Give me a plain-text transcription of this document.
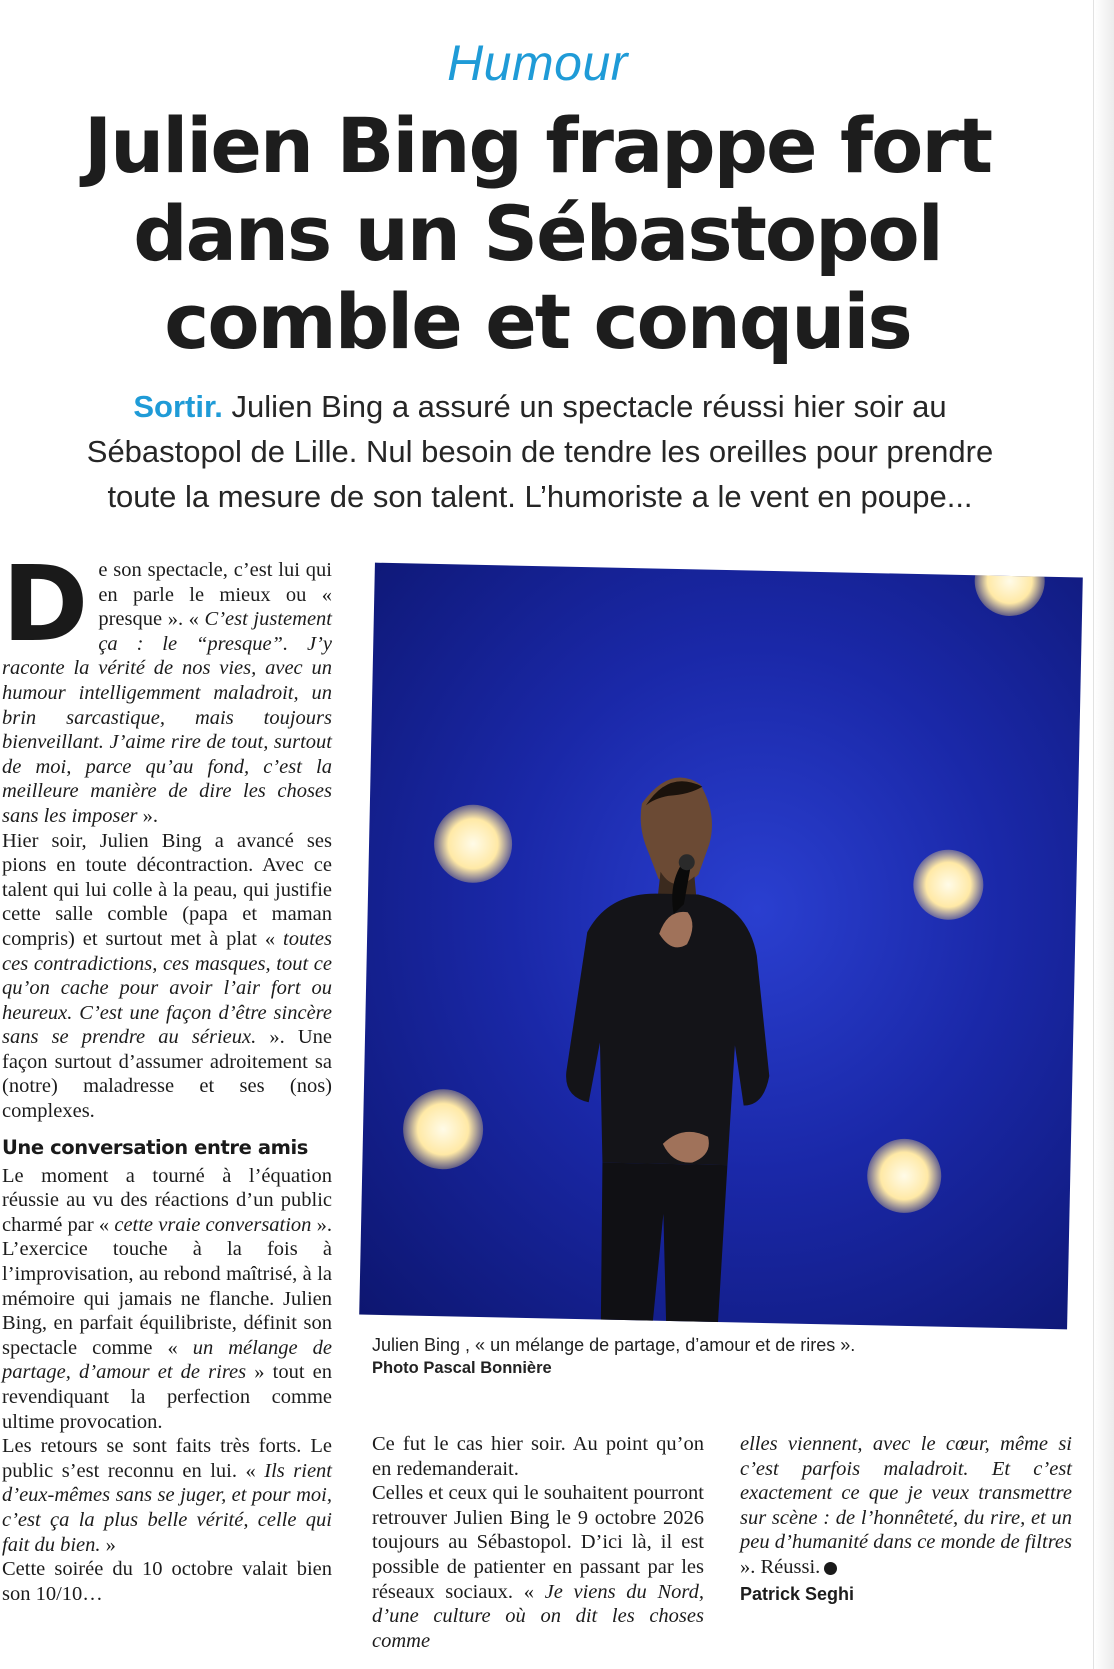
Humour
Julien Bing frappe fort
dans un Sébastopol
comble et conquis
Sortir. Julien Bing a assuré un spectacle réussi hier soir au
Sébastopol de Lille. Nul besoin de tendre les oreilles pour prendre
toute la mesure de son talent. L’humoriste a le vent en poupe...

De son spectacle, c’est lui qui en parle le mieux ou « presque ». « C’est justement ça : le “presque”. J’y raconte la vérité de nos vies, avec un humour intelligemment maladroit, un brin sarcastique, mais toujours bienveillant. J’aime rire de tout, surtout de moi, parce qu’au fond, c’est la meilleure manière de dire les choses sans les imposer ».

Hier soir, Julien Bing a avancé ses pions en toute décontraction. Avec ce talent qui lui colle à la peau, qui justifie cette salle comble (papa et maman compris) et surtout met à plat « toutes ces contradictions, ces masques, tout ce qu’on cache pour avoir l’air fort ou heureux. C’est une façon d’être sincère sans se prendre au sérieux. ». Une façon surtout d’assumer adroitement sa (notre) maladresse et ses (nos) complexes.

Une conversation entre amis

Le moment a tourné à l’équation réussie au vu des réactions d’un public charmé par « cette vraie conversation ». L’exercice touche à la fois à l’improvisation, au rebond maîtrisé, à la mémoire qui jamais ne flanche. Julien Bing, en parfait équilibriste, définit son spectacle comme « un mélange de partage, d’amour et de rires » tout en revendiquant la perfection comme ultime provocation.

Les retours se sont faits très forts. Le public s’est reconnu en lui. « Ils rient d’eux-mêmes sans se juger, et pour moi, c’est ça la plus belle vérité, celle qui fait du bien. »

Cette soirée du 10 octobre valait bien son 10/10…

Julien Bing , « un mélange de partage, d’amour et de rires ».
Photo Pascal Bonnière

Ce fut le cas hier soir. Au point qu’on en redemanderait.

Celles et ceux qui le souhaitent pourront retrouver Julien Bing le 9 octobre 2026 toujours au Sébastopol. D’ici là, il est possible de patienter en passant par les réseaux sociaux. « Je viens du Nord, d’une culture où on dit les choses comme

elles viennent, avec le cœur, même si c’est parfois maladroit. Et c’est exactement ce que je veux transmettre sur scène : de l’honnêteté, du rire, et un peu d’humanité dans ce monde de filtres ». Réussi.

Patrick Seghi
